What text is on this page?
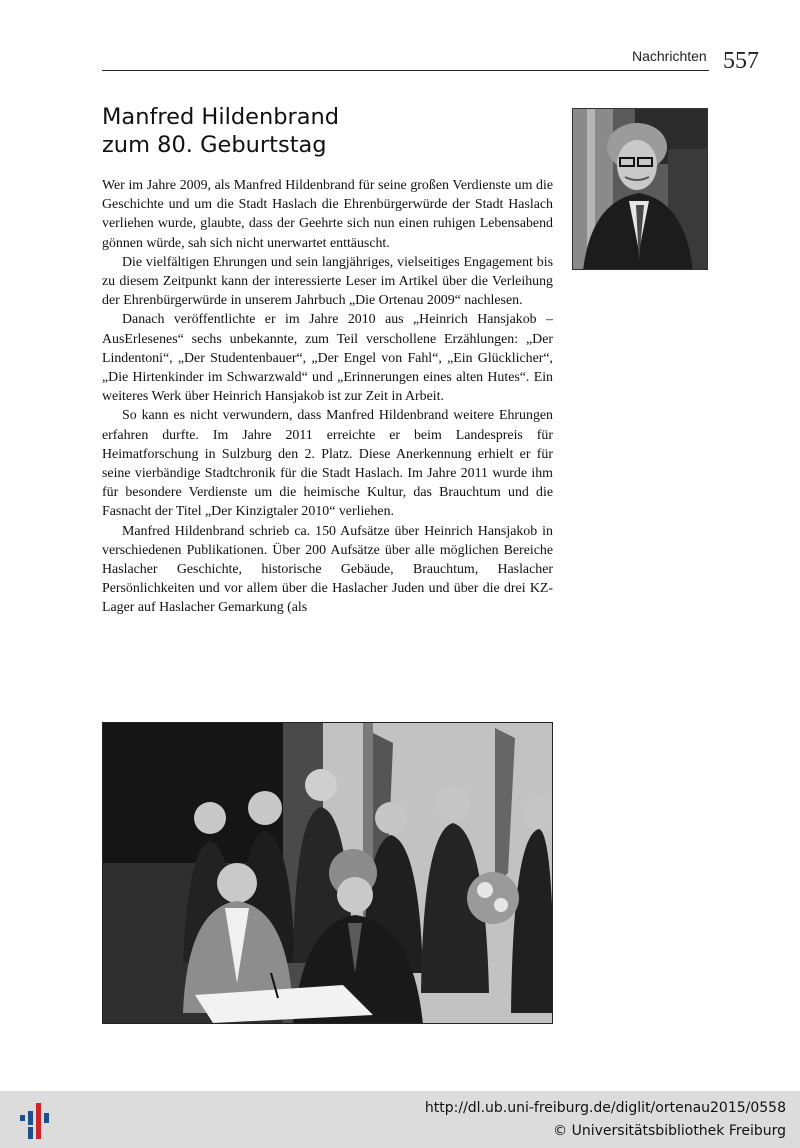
Nachrichten 557
Manfred Hildenbrand
zum 80. Geburtstag

Wer im Jahre 2009, als Manfred Hildenbrand für seine großen Verdienste um die Geschichte und um die Stadt Haslach die Ehrenbürgerwürde der Stadt Haslach verliehen wurde, glaubte, dass der Geehrte sich nun einen ruhigen Lebensabend gönnen würde, sah sich nicht unerwartet enttäuscht.

Die vielfältigen Ehrungen und sein langjähriges, vielseitiges Engagement bis zu diesem Zeitpunkt kann der interessierte Leser im Artikel über die Verleihung der Ehrenbürgerwürde in unserem Jahrbuch „Die Ortenau 2009“ nachlesen.

Danach veröffentlichte er im Jahre 2010 aus „Heinrich Hansjakob – AusErlesenes“ sechs unbekannte, zum Teil verschollene Erzählungen: „Der Lindentoni“, „Der Studentenbauer“, „Der Engel von Fahl“, „Ein Glücklicher“, „Die Hirtenkinder im Schwarzwald“ und „Erinnerungen eines alten Hutes“. Ein weiteres Werk über Heinrich Hansjakob ist zur Zeit in Arbeit.

So kann es nicht verwundern, dass Manfred Hildenbrand weitere Ehrungen erfahren durfte. Im Jahre 2011 erreichte er beim Landespreis für Heimatforschung in Sulzburg den 2. Platz. Diese Anerkennung erhielt er für seine vierbändige Stadtchronik für die Stadt Haslach. Im Jahre 2011 wurde ihm für besondere Verdienste um die heimische Kultur, das Brauchtum und die Fasnacht der Titel „Der Kinzigtaler 2010“ verliehen.

Manfred Hildenbrand schrieb ca. 150 Aufsätze über Heinrich Hansjakob in verschiedenen Publikationen. Über 200 Aufsätze über alle möglichen Bereiche Haslacher Geschichte, historische Gebäude, Brauchtum, Haslacher Persönlichkeiten und vor allem über die Haslacher Juden und über die drei KZ-Lager auf Haslacher Gemarkung (als

http://dl.ub.uni-freiburg.de/diglit/ortenau2015/0558
© Universitätsbibliothek Freiburg
